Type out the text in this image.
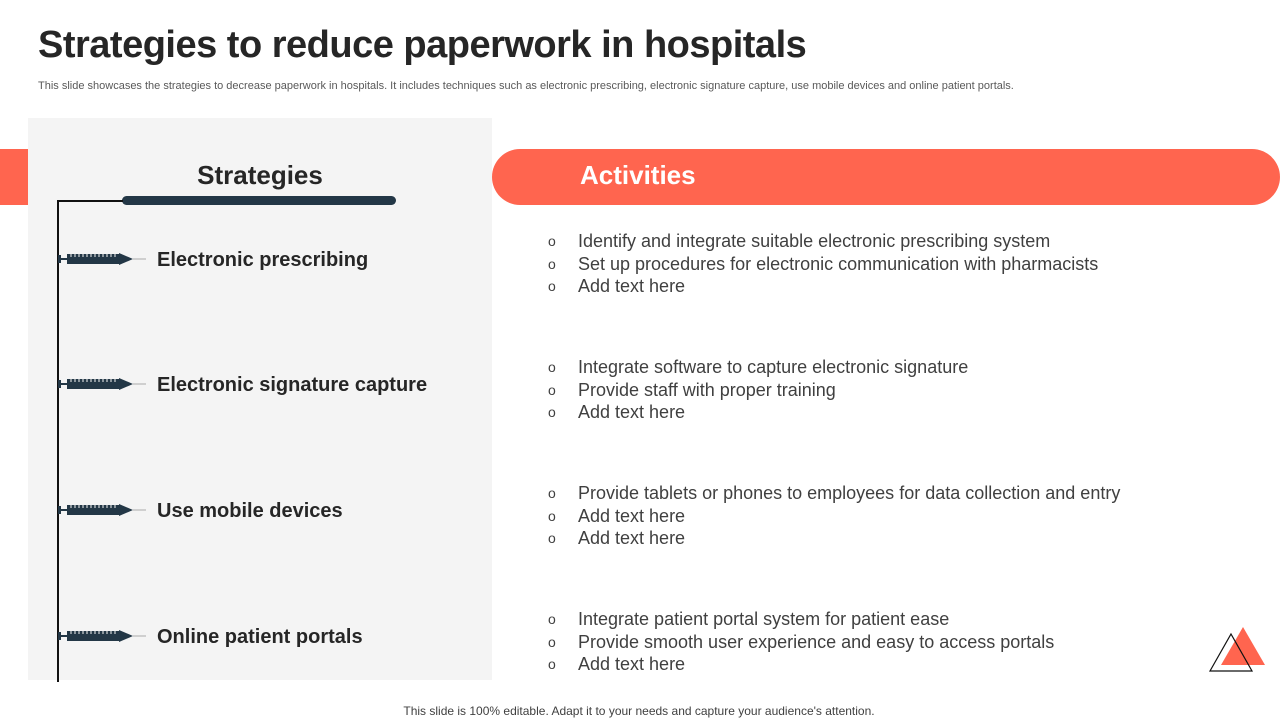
Strategies to reduce paperwork in hospitals
This slide showcases the strategies to decrease paperwork in hospitals. It includes techniques such as electronic prescribing, electronic signature capture, use mobile devices and online patient portals.
Strategies
Electronic prescribing
Electronic signature capture
Use mobile devices
Online patient portals
Activities
o	Identify and integrate suitable electronic prescribing system
o	Set up procedures for electronic communication with pharmacists
o	Add text here
o	Integrate software to capture electronic signature
o	Provide staff with proper training
o	Add text here
o	Provide tablets or phones to employees for data collection and entry
o	Add text here
o	Add text here
o	Integrate patient portal system for patient ease
o	Provide smooth user experience and easy to access portals
o	Add text here
This slide is 100% editable. Adapt it to your needs and capture your audience's attention.
